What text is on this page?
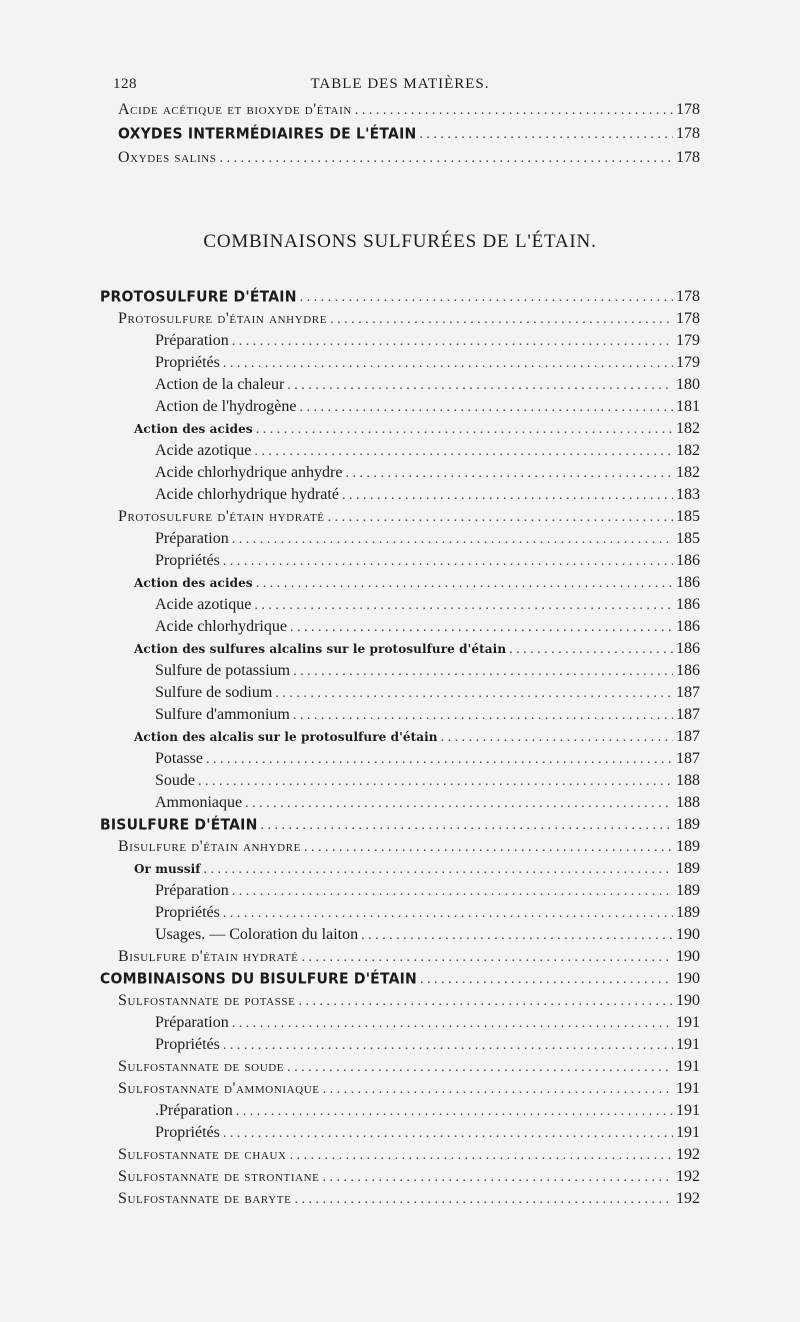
128	TABLE DES MATIÈRES.
Acide acétique et bioxyde d'étain . . .	178
OXYDES INTERMÉDIAIRES DE L'ÉTAIN . . .	178
Oxydes salins . . .	178
COMBINAISONS SULFURÉES DE L'ÉTAIN.
PROTOSULFURE D'ÉTAIN . . .	178
Protosulfure d'étain anhydre . . .	178
Préparation . . .	179
Propriétés . . .	179
Action de la chaleur . . .	180
Action de l'hydrogène . . .	181
Action des acides . . .	182
Acide azotique . . .	182
Acide chlorhydrique anhydre . . .	182
Acide chlorhydrique hydraté . . .	183
Protosulfure d'étain hydraté . . .	185
Préparation . . .	185
Propriétés . . .	186
Action des acides . . .	186
Acide azotique . . .	186
Acide chlorhydrique . . .	186
Action des sulfures alcalins sur le protosulfure d'étain . . .	186
Sulfure de potassium . . .	186
Sulfure de sodium . . .	187
Sulfure d'ammonium . . .	187
Action des alcalis sur le protosulfure d'étain . . .	187
Potasse . . .	187
Soude . . .	188
Ammoniaque . . .	188
BISULFURE D'ÉTAIN . . .	189
Bisulfure d'étain anhydre . . .	189
Or mussif . . .	189
Préparation . . .	189
Propriétés . . .	189
Usages. — Coloration du laiton . . .	190
Bisulfure d'étain hydraté . . .	190
COMBINAISONS DU BISULFURE D'ÉTAIN . . .	190
Sulfostannate de potasse . . .	190
Préparation . . .	191
Propriétés . . .	191
Sulfostannate de soude . . .	191
Sulfostannate d'ammoniaque . . .	191
.Préparation . . .	191
Propriétés . . .	191
Sulfostannate de chaux . . .	192
Sulfostannate de strontiane . . .	192
Sulfostannate de baryte . . .	192
